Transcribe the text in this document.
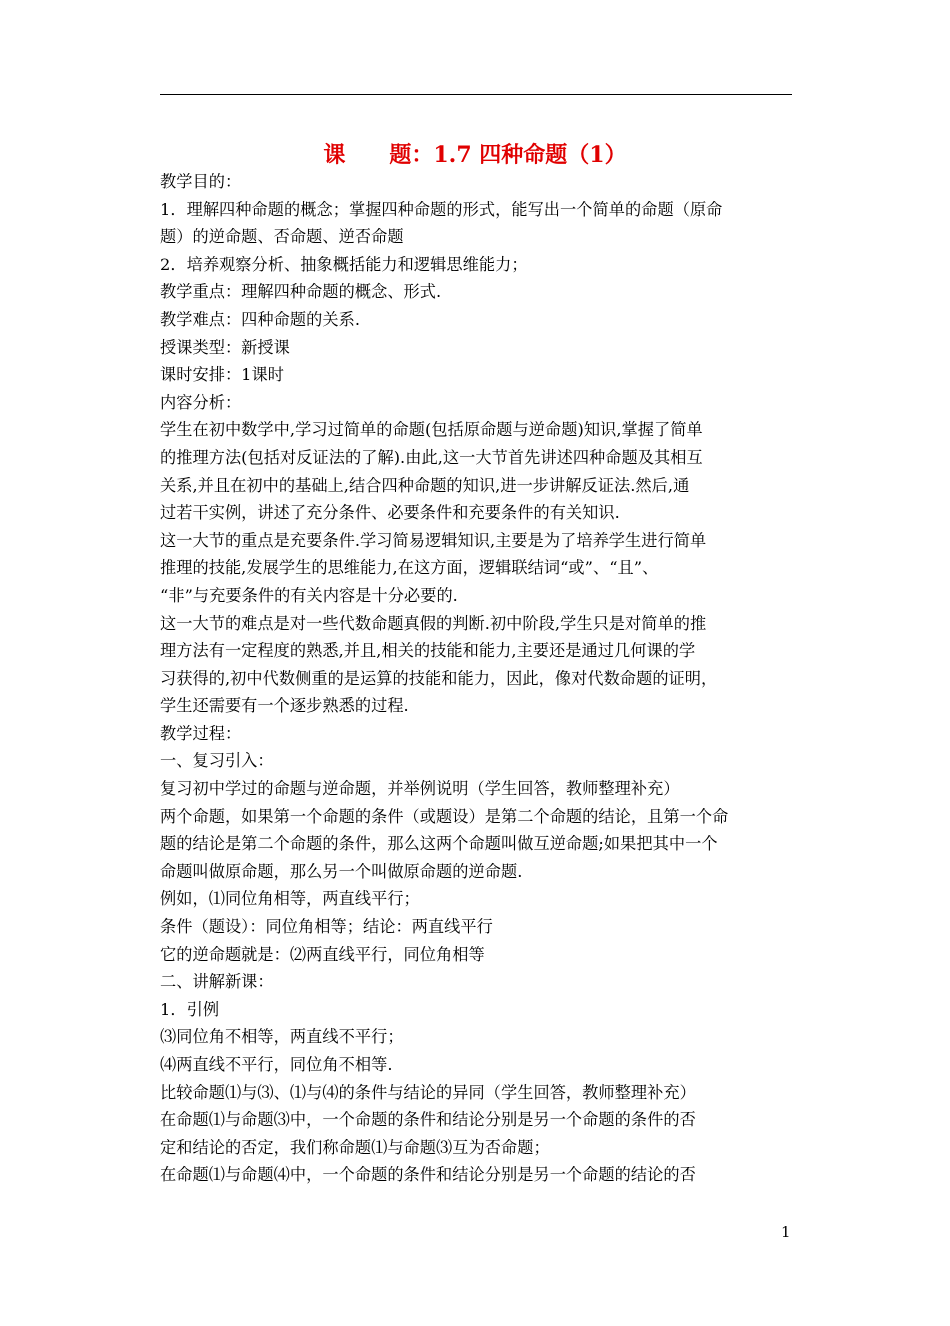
课　　题：1.7 四种命题（1）

教学目的：

1．理解四种命题的概念；掌握四种命题的形式，能写出一个简单的命题（原命

题）的逆命题、否命题、逆否命题

2．培养观察分析、抽象概括能力和逻辑思维能力；

教学重点：理解四种命题的概念、形式.

教学难点：四种命题的关系.

授课类型：新授课

课时安排：1课时

内容分析：

学生在初中数学中,学习过简单的命题(包括原命题与逆命题)知识,掌握了简单

的推理方法(包括对反证法的了解).由此,这一大节首先讲述四种命题及其相互

关系,并且在初中的基础上,结合四种命题的知识,进一步讲解反证法.然后,通

过若干实例，讲述了充分条件、必要条件和充要条件的有关知识.

这一大节的重点是充要条件.学习简易逻辑知识,主要是为了培养学生进行简单

推理的技能,发展学生的思维能力,在这方面，逻辑联结词“或”、“且”、

“非”与充要条件的有关内容是十分必要的.

这一大节的难点是对一些代数命题真假的判断.初中阶段,学生只是对简单的推

理方法有一定程度的熟悉,并且,相关的技能和能力,主要还是通过几何课的学

习获得的,初中代数侧重的是运算的技能和能力，因此，像对代数命题的证明，

学生还需要有一个逐步熟悉的过程.

教学过程：

一、复习引入：

复习初中学过的命题与逆命题，并举例说明（学生回答，教师整理补充）

两个命题，如果第一个命题的条件（或题设）是第二个命题的结论，且第一个命

题的结论是第二个命题的条件，那么这两个命题叫做互逆命题;如果把其中一个

命题叫做原命题，那么另一个叫做原命题的逆命题.

例如，⑴同位角相等，两直线平行；

条件（题设）：同位角相等；结论：两直线平行

它的逆命题就是：⑵两直线平行，同位角相等

二、讲解新课：

1．引例

⑶同位角不相等，两直线不平行；

⑷两直线不平行，同位角不相等.

比较命题⑴与⑶、⑴与⑷的条件与结论的异同（学生回答，教师整理补充）

在命题⑴与命题⑶中，一个命题的条件和结论分别是另一个命题的条件的否

定和结论的否定，我们称命题⑴与命题⑶互为否命题；

在命题⑴与命题⑷中，一个命题的条件和结论分别是另一个命题的结论的否

1
